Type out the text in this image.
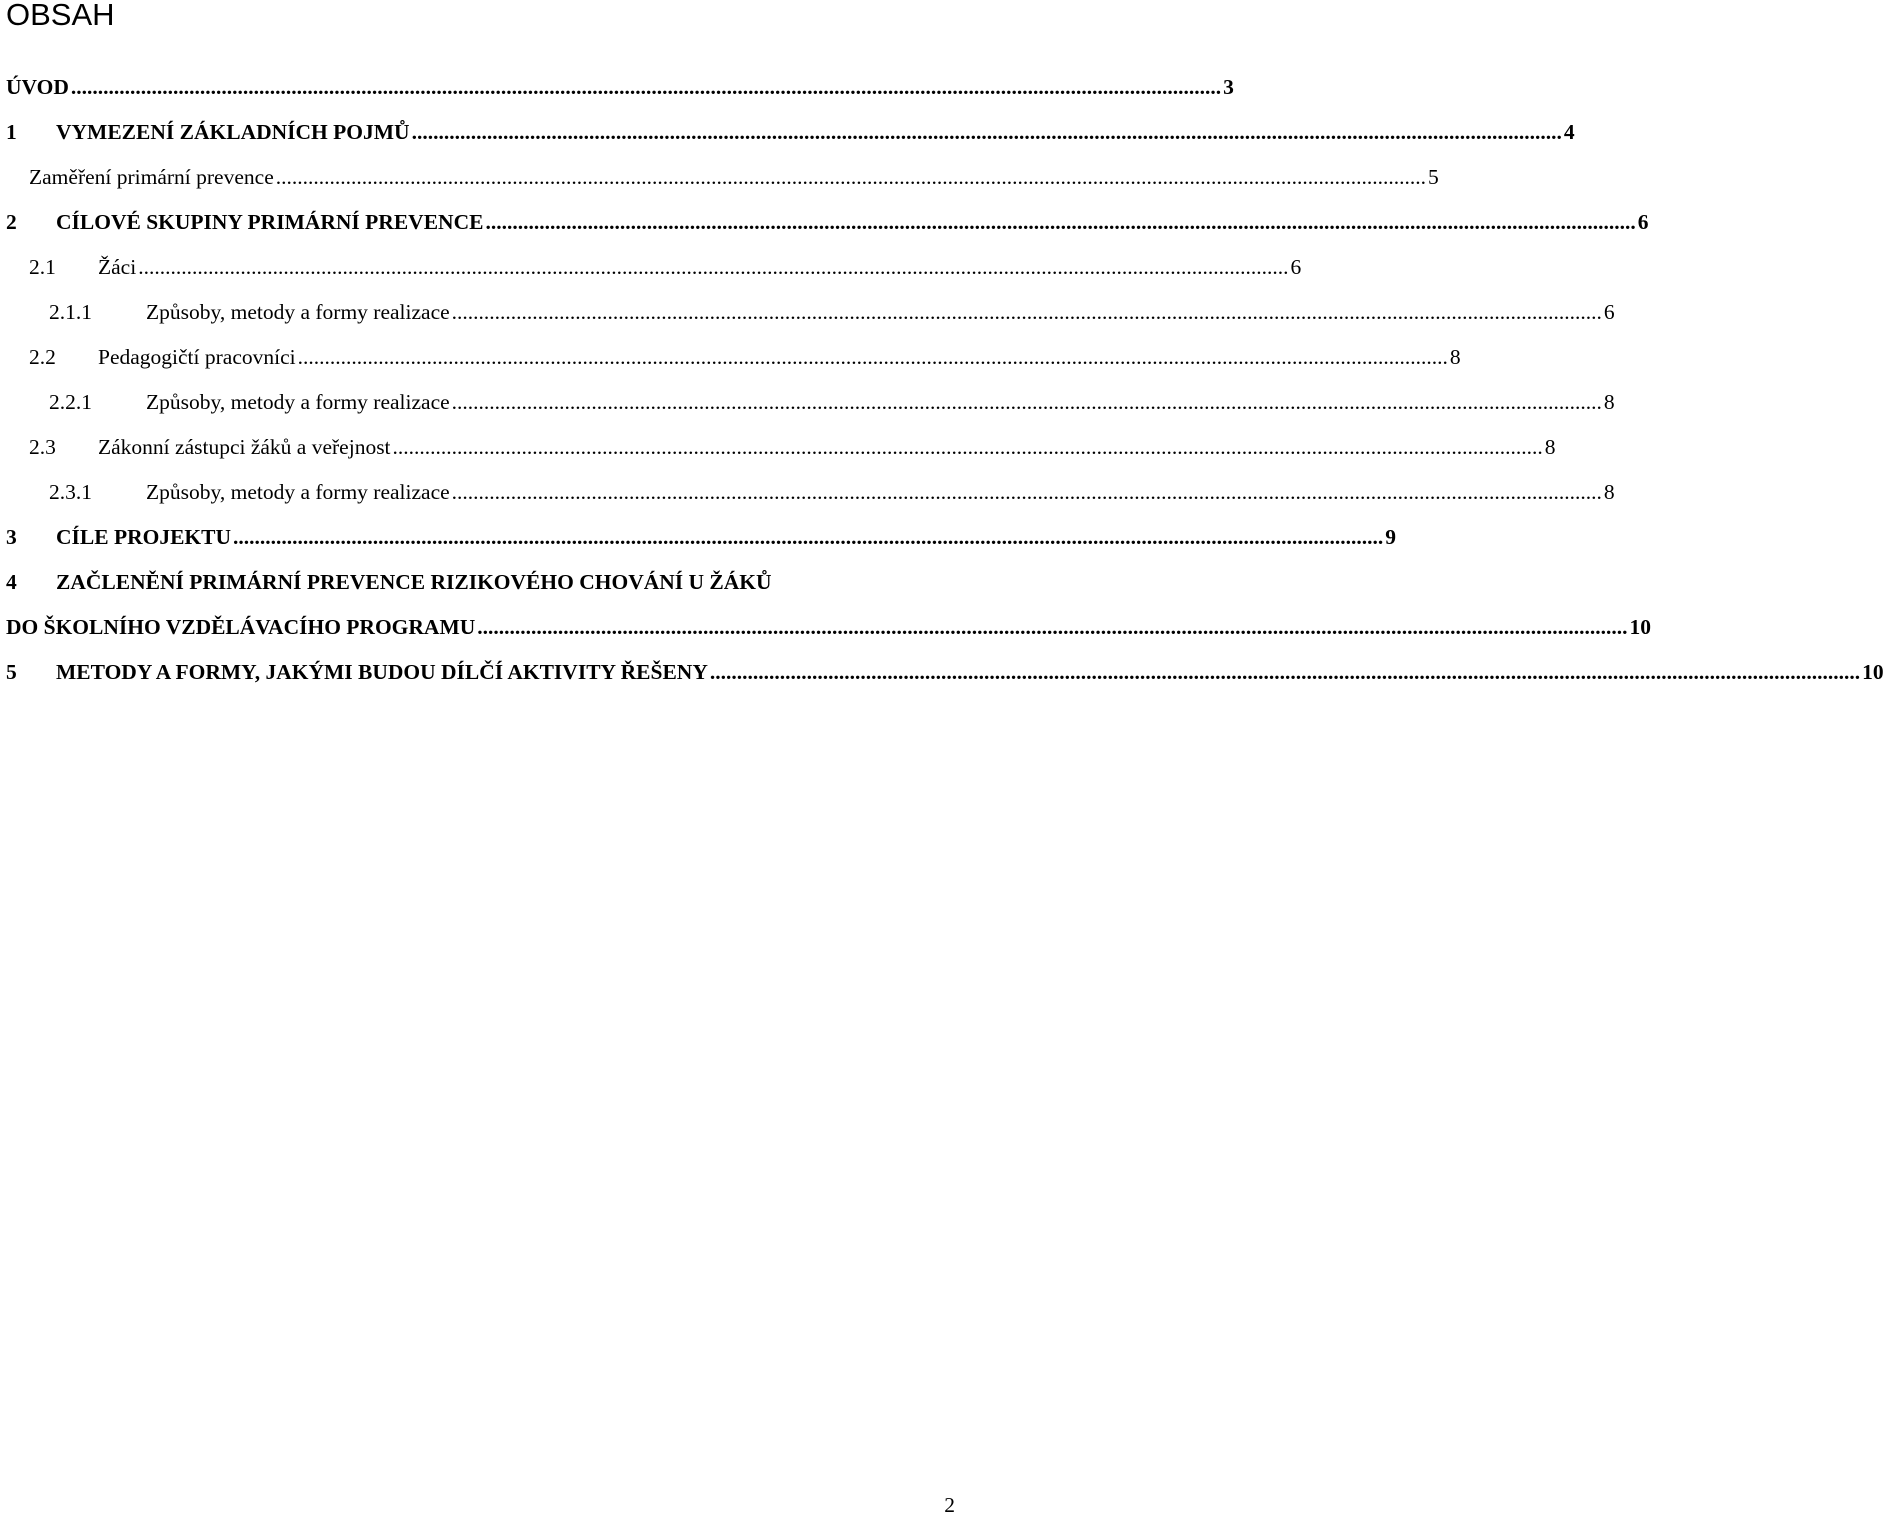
OBSAH
ÚVOD ...................................................................................................................................................................................................................... 3
1 VYMEZENÍ ZÁKLADNÍCH POJMŮ ...................................................................................................................................................................................................................... 4
Zaměření primární prevence ...................................................................................................................................................................................................................... 5
2 CÍLOVÉ SKUPINY PRIMÁRNÍ PREVENCE ...................................................................................................................................................................................................................... 6
2.1 Žáci ...................................................................................................................................................................................................................... 6
2.1.1	Způsoby, metody a formy realizace ...................................................................................................................................................................................................................... 6
2.2 Pedagogičtí pracovníci ...................................................................................................................................................................................................................... 8
2.2.1	Způsoby, metody a formy realizace ...................................................................................................................................................................................................................... 8
2.3 Zákonní zástupci žáků a veřejnost ...................................................................................................................................................................................................................... 8
2.3.1	Způsoby, metody a formy realizace ...................................................................................................................................................................................................................... 8
3 CÍLE PROJEKTU ...................................................................................................................................................................................................................... 9
4 ZAČLENĚNÍ PRIMÁRNÍ PREVENCE RIZIKOVÉHO CHOVÁNÍ U ŽÁKŮ
DO ŠKOLNÍHO VZDĚLÁVACÍHO PROGRAMU ...................................................................................................................................................................................................................... 10
5 METODY A FORMY, JAKÝMI BUDOU DÍLČÍ AKTIVITY ŘEŠENY ...................................................................................................................................................................................................................... 10
2
